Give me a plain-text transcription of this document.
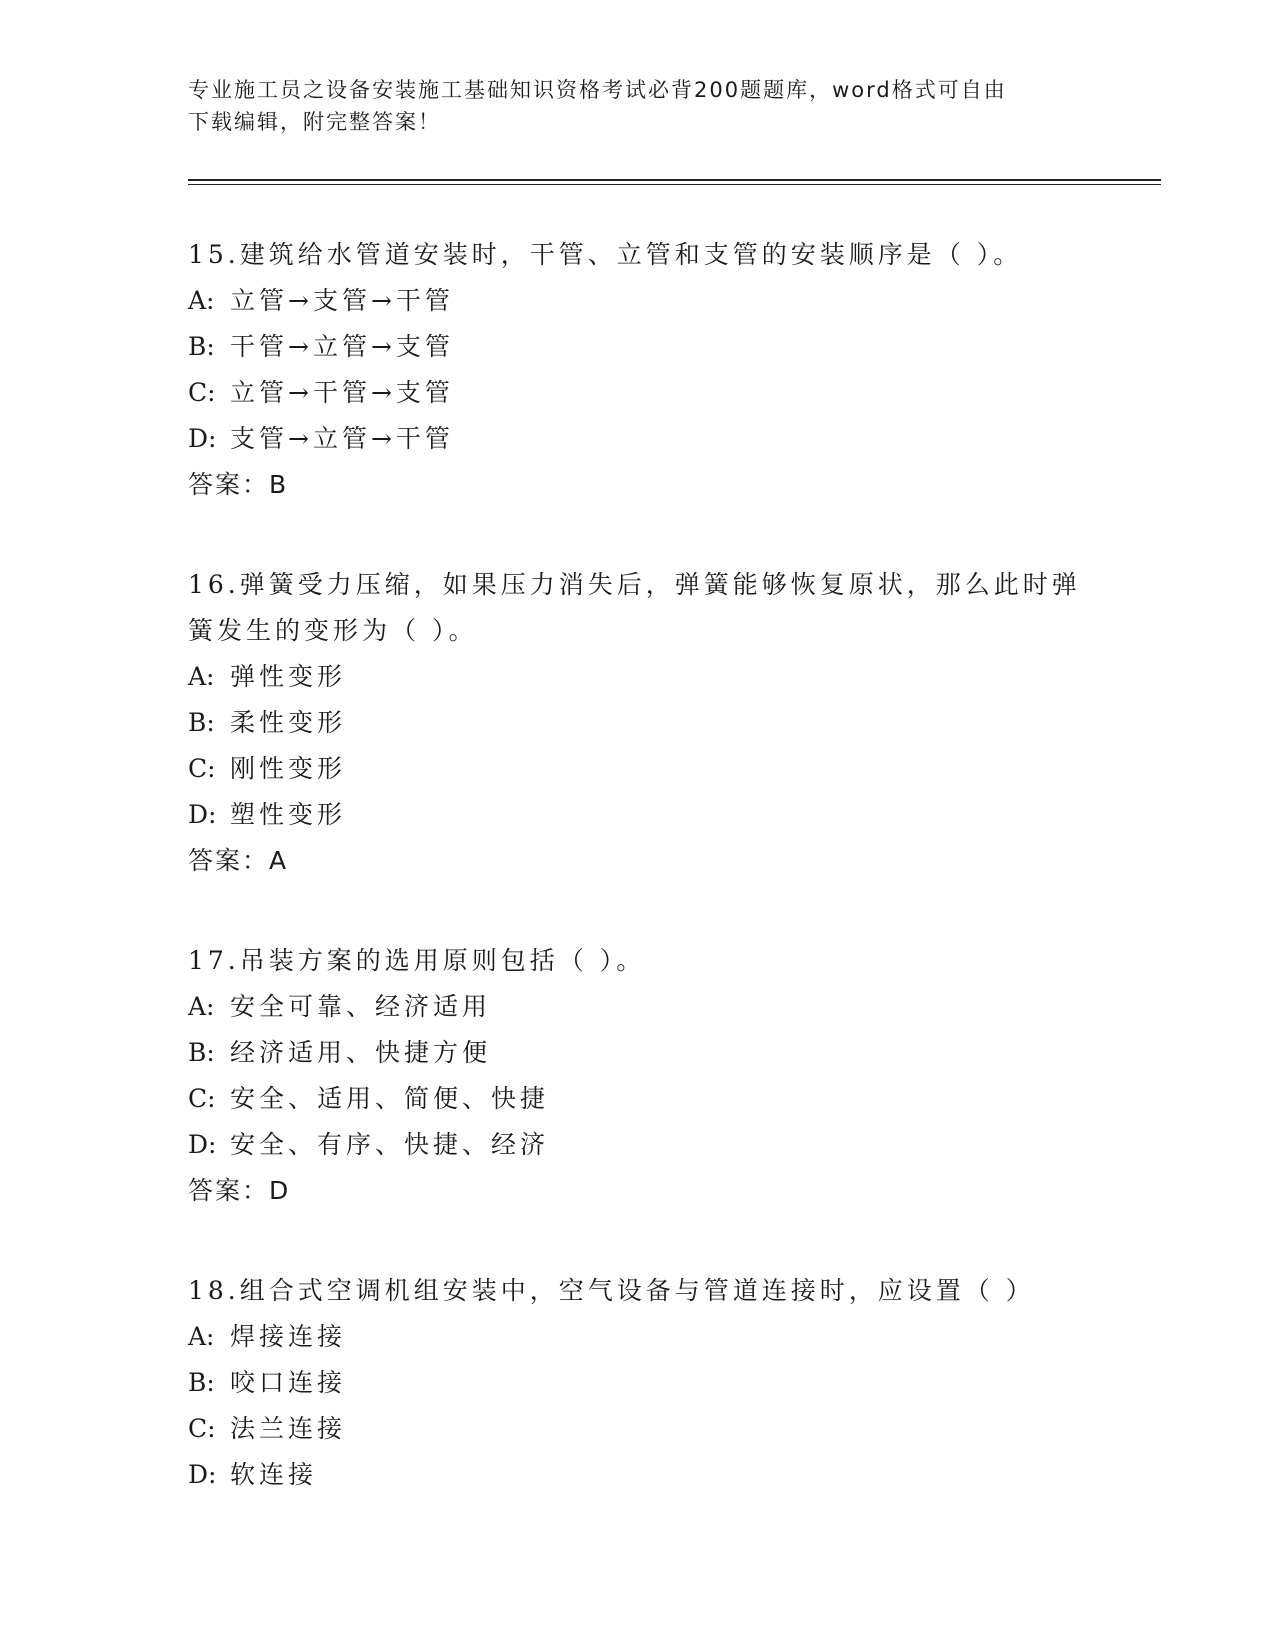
专业施工员之设备安装施工基础知识资格考试必背200题题库，word格式可自由
下载编辑，附完整答案！
15.建筑给水管道安装时，干管、立管和支管的安装顺序是（ ）。
A: 立管→支管→干管
B: 干管→立管→支管
C: 立管→干管→支管
D: 支管→立管→干管
答案：B
16.弹簧受力压缩，如果压力消失后，弹簧能够恢复原状，那么此时弹
簧发生的变形为（ ）。
A: 弹性变形
B: 柔性变形
C: 刚性变形
D: 塑性变形
答案：A
17.吊装方案的选用原则包括（ ）。
A: 安全可靠、经济适用
B: 经济适用、快捷方便
C: 安全、适用、简便、快捷
D: 安全、有序、快捷、经济
答案：D
18.组合式空调机组安装中，空气设备与管道连接时，应设置（ ）
A: 焊接连接
B: 咬口连接
C: 法兰连接
D: 软连接
